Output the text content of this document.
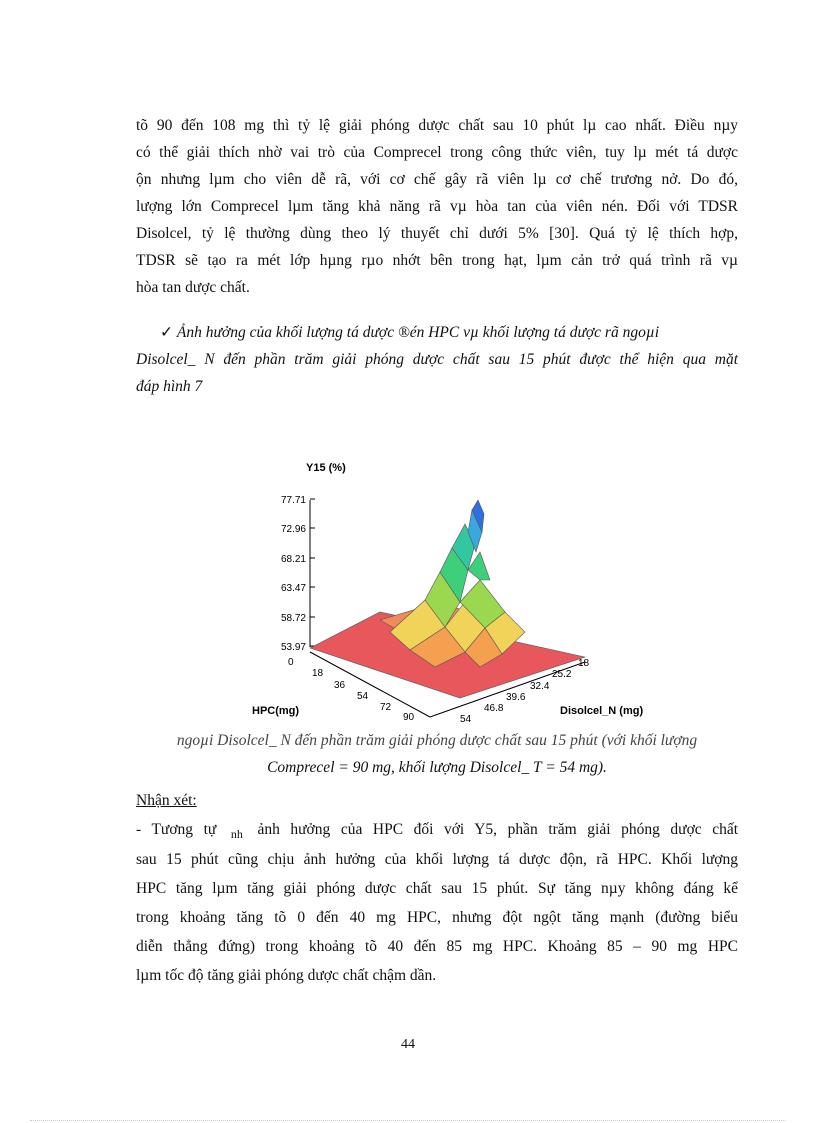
tõ 90 đến 108 mg thì tỷ lệ giải phóng dược chất sau 10 phút lµ cao nhất. Điều nµy
có thể giải thích nhờ vai trò của Comprecel trong công thức viên, tuy lµ mét tá dược
ộn nhưng lµm cho viên dễ rã, với cơ chế gây rã viên lµ cơ chế trương nở. Do đó,
lượng lớn Comprecel lµm tăng khả năng rã vµ hòa tan của viên nén. Đối với TDSR
Disolcel, tỷ lệ thường dùng theo lý thuyết chỉ dưới 5% [30]. Quá tỷ lệ thích hợp,
TDSR sẽ tạo ra mét lớp hµng rµo nhớt bên trong hạt, lµm cản trở quá trình rã vµ
hòa tan dược chất.
✓ Ảnh hưởng của khối lượng tá dược ®én HPC vµ khối lượng tá dược rã ngoµi
Disolcel_ N đến phần trăm giải phóng dược chất sau 15 phút được thể hiện qua mặt
đáp hình 7
Y15 (%)
77.71
72.96
68.21
63.47
58.72
53.97
0
18
36
54
72
90
HPC(mg)
18
25.2
32.4
39.6
46.8
54
Disolcel_N (mg)
ngoµi Disolcel_ N đến phần trăm giải phóng dược chất sau 15 phút (với khối lượng
Comprecel = 90 mg, khối lượng Disolcel_ T = 54 mg).
Nhận xét:
- Tương tự $_{nh}$ ảnh hưởng của HPC đối với Y5, phần trăm giải phóng dược chất
sau 15 phút cũng chịu ảnh hưởng của khối lượng tá dược độn, rã HPC. Khối lượng
HPC tăng lµm tăng giải phóng dược chất sau 15 phút. Sự tăng nµy không đáng kể
trong khoảng tăng tõ 0 đến 40 mg HPC, nhưng đột ngột tăng mạnh (đường biểu
diễn thẳng đứng) trong khoảng tõ 40 đến 85 mg HPC. Khoảng 85 – 90 mg HPC
lµm tốc độ tăng giải phóng dược chất chậm dần.
44
